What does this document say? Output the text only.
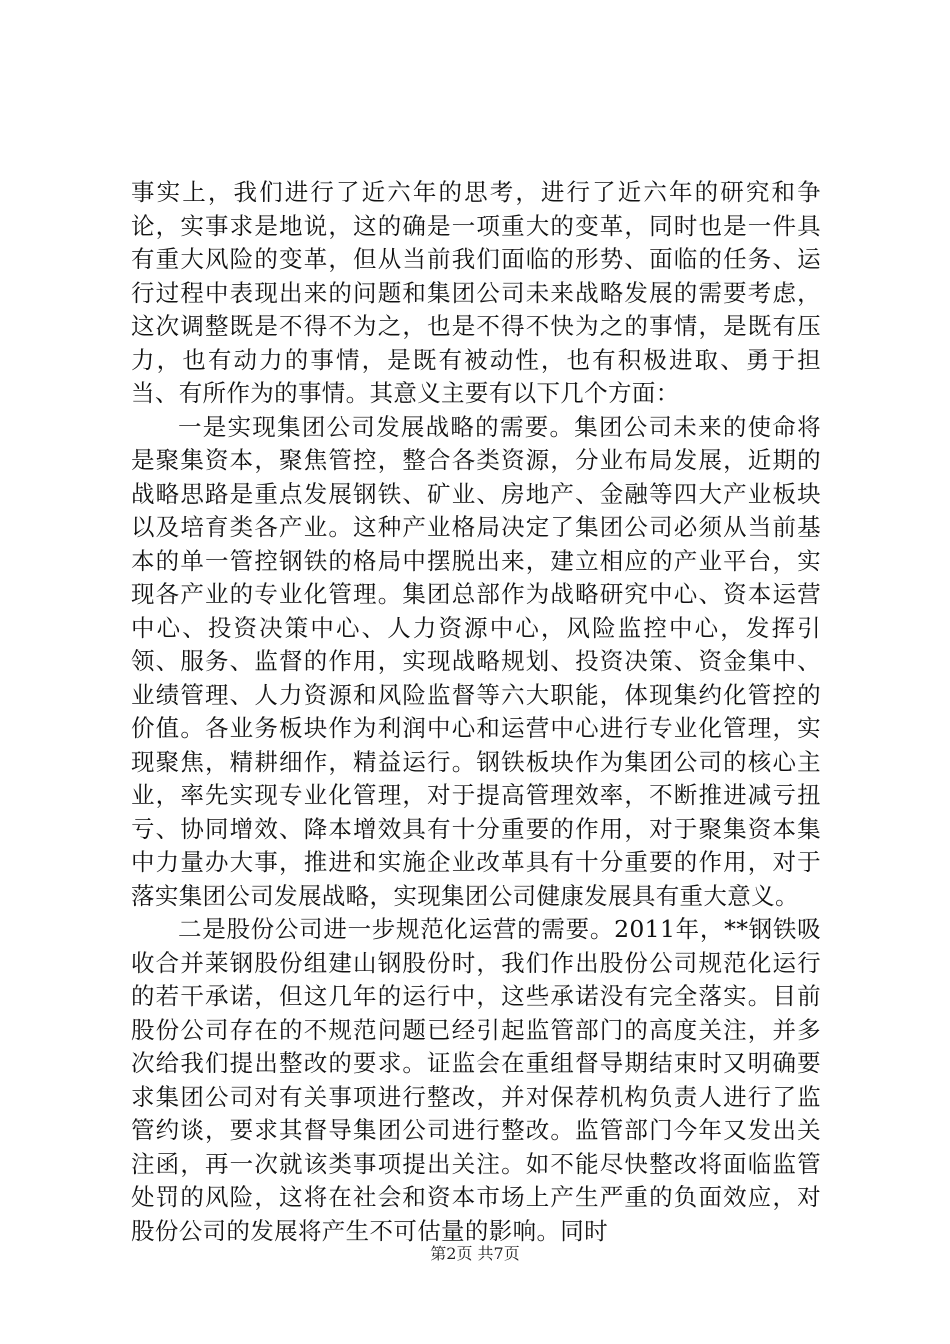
事实上，我们进行了近六年的思考，进行了近六年的研究和争论，实事求是地说，这的确是一项重大的变革，同时也是一件具有重大风险的变革，但从当前我们面临的形势、面临的任务、运行过程中表现出来的问题和集团公司未来战略发展的需要考虑，这次调整既是不得不为之，也是不得不快为之的事情，是既有压力，也有动力的事情，是既有被动性，也有积极进取、勇于担当、有所作为的事情。其意义主要有以下几个方面：

一是实现集团公司发展战略的需要。集团公司未来的使命将是聚集资本，聚焦管控，整合各类资源，分业布局发展，近期的战略思路是重点发展钢铁、矿业、房地产、金融等四大产业板块以及培育类各产业。这种产业格局决定了集团公司必须从当前基本的单一管控钢铁的格局中摆脱出来，建立相应的产业平台，实现各产业的专业化管理。集团总部作为战略研究中心、资本运营中心、投资决策中心、人力资源中心，风险监控中心，发挥引领、服务、监督的作用，实现战略规划、投资决策、资金集中、业绩管理、人力资源和风险监督等六大职能，体现集约化管控的价值。各业务板块作为利润中心和运营中心进行专业化管理，实现聚焦，精耕细作，精益运行。钢铁板块作为集团公司的核心主业，率先实现专业化管理，对于提高管理效率，不断推进减亏扭亏、协同增效、降本增效具有十分重要的作用，对于聚集资本集中力量办大事，推进和实施企业改革具有十分重要的作用，对于落实集团公司发展战略，实现集团公司健康发展具有重大意义。

二是股份公司进一步规范化运营的需要。2011年，**钢铁吸收合并莱钢股份组建山钢股份时，我们作出股份公司规范化运行的若干承诺，但这几年的运行中，这些承诺没有完全落实。目前股份公司存在的不规范问题已经引起监管部门的高度关注，并多次给我们提出整改的要求。证监会在重组督导期结束时又明确要求集团公司对有关事项进行整改，并对保荐机构负责人进行了监管约谈，要求其督导集团公司进行整改。监管部门今年又发出关注函，再一次就该类事项提出关注。如不能尽快整改将面临监管处罚的风险，这将在社会和资本市场上产生严重的负面效应，对股份公司的发展将产生不可估量的影响。同时

第2页 共7页
